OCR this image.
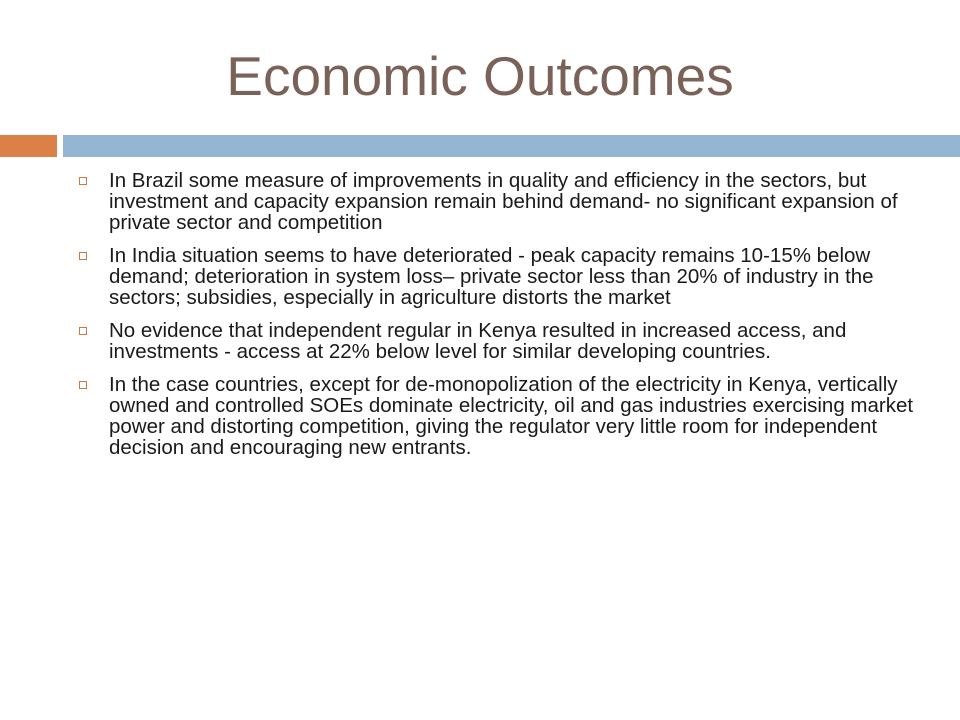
Economic Outcomes
In Brazil some measure of improvements in quality and efficiency in the sectors, but investment and capacity expansion remain behind demand- no significant expansion of private sector and competition
In India situation seems to have deteriorated - peak capacity remains 10-15% below demand; deterioration in system loss– private sector less than 20% of industry in the sectors; subsidies, especially in agriculture distorts the market
No evidence that independent regular in Kenya resulted in increased access, and investments - access at 22% below level for similar developing countries.
In the case countries, except for de-monopolization of the electricity in Kenya, vertically owned and controlled SOEs dominate electricity, oil and gas industries exercising market power and distorting competition, giving the regulator very little room for independent decision and encouraging new entrants.
